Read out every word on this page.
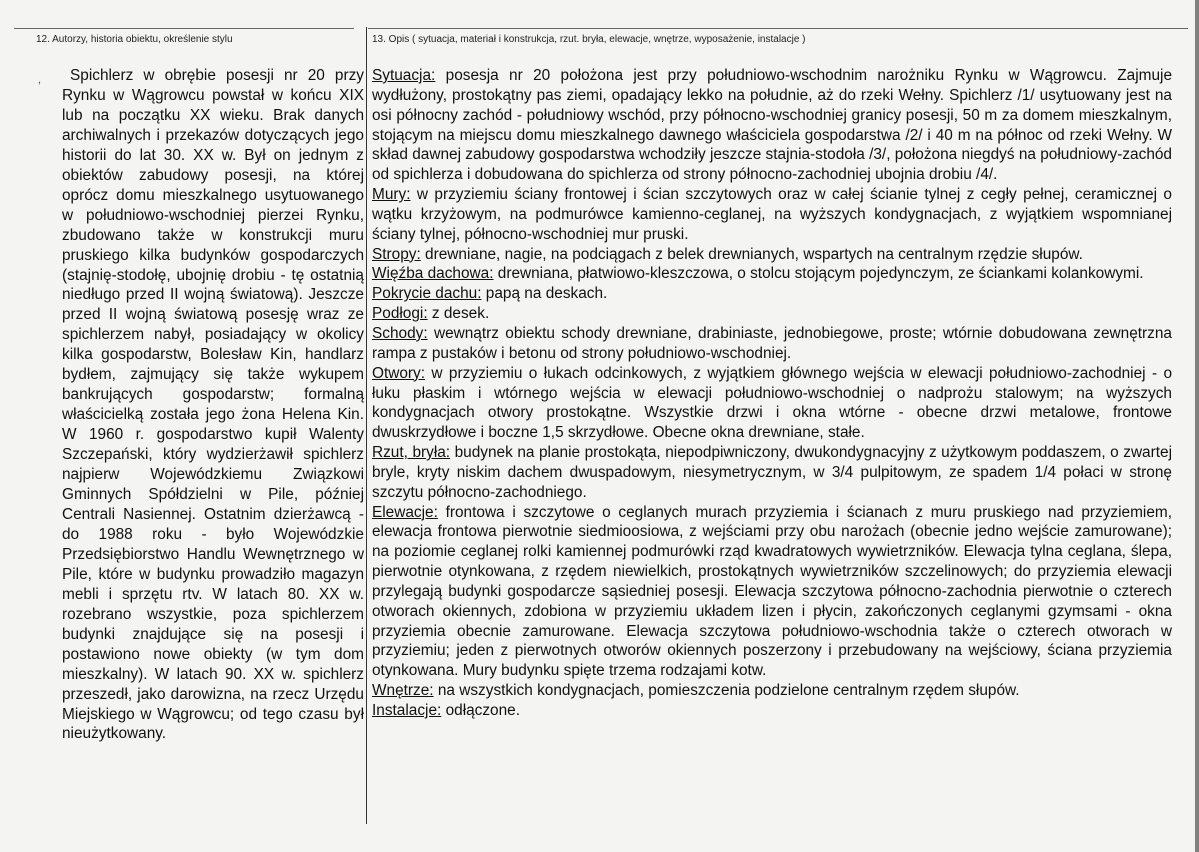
12. Autorzy, historia obiektu, określenie stylu	13. Opis ( sytuacja, materiał i konstrukcja, rzut. bryła, elewacje, wnętrze, wyposażenie, instalacje )
,	Spichlerz w obrębie posesji nr 20 przy Rynku w Wągrowcu powstał w końcu XIX lub na początku XX wieku. Brak danych archiwalnych i przekazów dotyczących jego historii do lat 30. XX w. Był on jednym z obiektów zabudowy posesji, na której oprócz domu mieszkalnego usytuowanego w południowo-wschodniej pierzei Rynku, zbudowano także w konstrukcji muru pruskiego kilka budynków gospodarczych (stajnię-stodołę, ubojnię drobiu - tę ostatnią niedługo przed II wojną światową). Jeszcze przed II wojną światową posesję wraz ze spichlerzem nabył, posiadający w okolicy kilka gospodarstw, Bolesław Kin, handlarz bydłem, zajmujący się także wykupem bankrujących gospodarstw; formalną właścicielką została jego żona Helena Kin. W 1960 r. gospodarstwo kupił Walenty Szczepański, który wydzierżawił spichlerz najpierw Wojewódzkiemu Związkowi Gminnych Spółdzielni w Pile, później Centrali Nasiennej. Ostatnim dzierżawcą - do 1988 roku - było Wojewódzkie Przedsiębiorstwo Handlu Wewnętrznego w Pile, które w budynku prowadziło magazyn mebli i sprzętu rtv. W latach 80. XX w. rozebrano wszystkie, poza spichlerzem budynki znajdujące się na posesji i postawiono nowe obiekty (w tym dom mieszkalny). W latach 90. XX w. spichlerz przeszedł, jako darowizna, na rzecz Urzędu Miejskiego w Wągrowcu; od tego czasu był nieużytkowany.

Sytuacja: posesja nr 20 położona jest przy południowo-wschodnim narożniku Rynku w Wągrowcu. Zajmuje wydłużony, prostokątny pas ziemi, opadający lekko na południe, aż do rzeki Wełny. Spichlerz /1/ usytuowany jest na osi północny zachód - południowy wschód, przy północno-wschodniej granicy posesji, 50 m za domem mieszkalnym, stojącym na miejscu domu mieszkalnego dawnego właściciela gospodarstwa /2/ i 40 m na północ od rzeki Wełny. W skład dawnej zabudowy gospodarstwa wchodziły jeszcze stajnia-stodoła /3/, położona niegdyś na południowy-zachód od spichlerza i dobudowana do spichlerza od strony północno-zachodniej ubojnia drobiu /4/.

Mury: w przyziemiu ściany frontowej i ścian szczytowych oraz w całej ścianie tylnej z cegły pełnej, ceramicznej o wątku krzyżowym, na podmurówce kamienno-ceglanej, na wyższych kondygnacjach, z wyjątkiem wspomnianej ściany tylnej, północno-wschodniej mur pruski.

Stropy: drewniane, nagie, na podciągach z belek drewnianych, wspartych na centralnym rzędzie słupów.

Więźba dachowa: drewniana, płatwiowo-kleszczowa, o stolcu stojącym pojedynczym, ze ściankami kolankowymi.

Pokrycie dachu: papą na deskach.

Podłogi: z desek.

Schody: wewnątrz obiektu schody drewniane, drabiniaste, jednobiegowe, proste; wtórnie dobudowana zewnętrzna rampa z pustaków i betonu od strony południowo-wschodniej.

Otwory: w przyziemiu o łukach odcinkowych, z wyjątkiem głównego wejścia w elewacji południowo-zachodniej - o łuku płaskim i wtórnego wejścia w elewacji południowo-wschodniej o nadprożu stalowym; na wyższych kondygnacjach otwory prostokątne. Wszystkie drzwi i okna wtórne - obecne drzwi metalowe, frontowe dwuskrzydłowe i boczne 1,5 skrzydłowe. Obecne okna drewniane, stałe.

Rzut, bryła: budynek na planie prostokąta, niepodpiwniczony, dwukondygnacyjny z użytkowym poddaszem, o zwartej bryle, kryty niskim dachem dwuspadowym, niesymetrycznym, w 3/4 pulpitowym, ze spadem 1/4 połaci w stronę szczytu północno-zachodniego.

Elewacje: frontowa i szczytowe o ceglanych murach przyziemia i ścianach z muru pruskiego nad przyziemiem, elewacja frontowa pierwotnie siedmioosiowa, z wejściami przy obu narożach (obecnie jedno wejście zamurowane); na poziomie ceglanej rolki kamiennej podmurówki rząd kwadratowych wywietrzników. Elewacja tylna ceglana, ślepa, pierwotnie otynkowana, z rzędem niewielkich, prostokątnych wywietrzników szczelinowych; do przyziemia elewacji przylegają budynki gospodarcze sąsiedniej posesji. Elewacja szczytowa północno-zachodnia pierwotnie o czterech otworach okiennych, zdobiona w przyziemiu układem lizen i płycin, zakończonych ceglanymi gzymsami - okna przyziemia obecnie zamurowane. Elewacja szczytowa południowo-wschodnia także o czterech otworach w przyziemiu; jeden z pierwotnych otworów okiennych poszerzony i przebudowany na wejściowy, ściana przyziemia otynkowana. Mury budynku spięte trzema rodzajami kotw.

Wnętrze: na wszystkich kondygnacjach, pomieszczenia podzielone centralnym rzędem słupów.

Instalacje: odłączone.
